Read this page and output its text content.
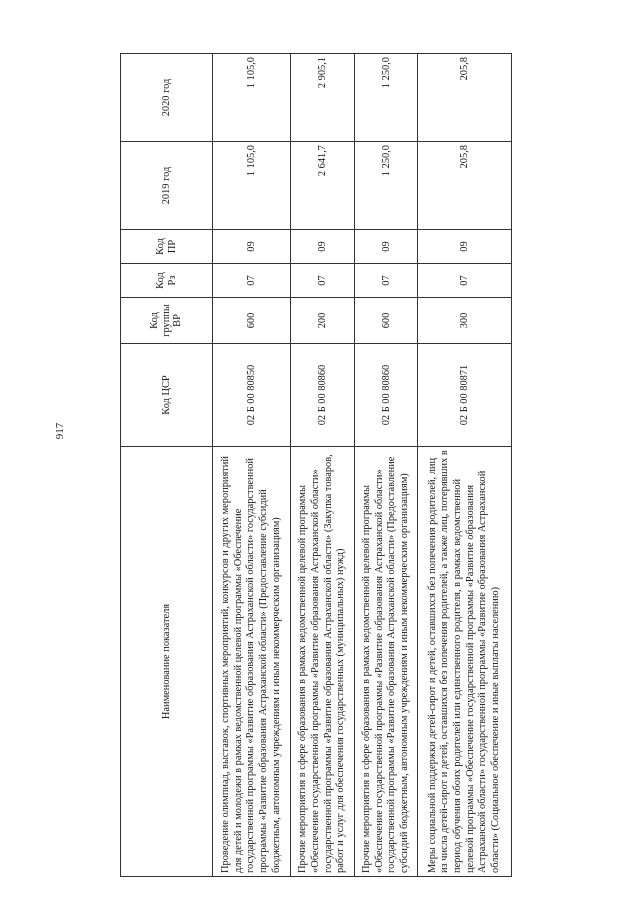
917
Наименование показателя	Код ЦСР	Код группы ВР	Код Рз	Код ПР	2019 год	2020 год
Проведение олимпиад, выставок, спортивных мероприятий, конкурсов и других мероприятий для детей и молодежи в рамках ведомственной целевой программы «Обеспечение государственной программы «Развитие образования Астраханской области» государственной программы «Развитие образования Астраханской области» (Предоставление субсидий бюджетным, автономным учреждениям и иным некоммерческим организациям)	02 Б 00 80850	600	07	09	1 105,0	1 105,0
Прочие мероприятия в сфере образования в рамках ведомственной целевой программы «Обеспечение государственной программы «Развитие образования Астраханской области» государственной программы «Развитие образования Астраханской области» (Закупка товаров, работ и услуг для обеспечения государственных (муниципальных) нужд)	02 Б 00 80860	200	07	09	2 641,7	2 905,1
Прочие мероприятия в сфере образования в рамках ведомственной целевой программы «Обеспечение государственной программы «Развитие образования Астраханской области» государственной программы «Развитие образования Астраханской области» (Предоставление субсидий бюджетным, автономным учреждениям и иным некоммерческим организациям)	02 Б 00 80860	600	07	09	1 250,0	1 250,0
Меры социальной поддержки детей-сирот и детей, оставшихся без попечения родителей, лиц из числа детей-сирот и детей, оставшихся без попечения родителей, а также лиц, потерявших в период обучения обоих родителей или единственного родителя, в рамках ведомственной целевой программы «Обеспечение государственной программы «Развитие образования Астраханской области» государственной программы «Развитие образования Астраханской области» (Социальное обеспечение и иные выплаты населению)	02 Б 00 80871	300	07	09	205,8	205,8
